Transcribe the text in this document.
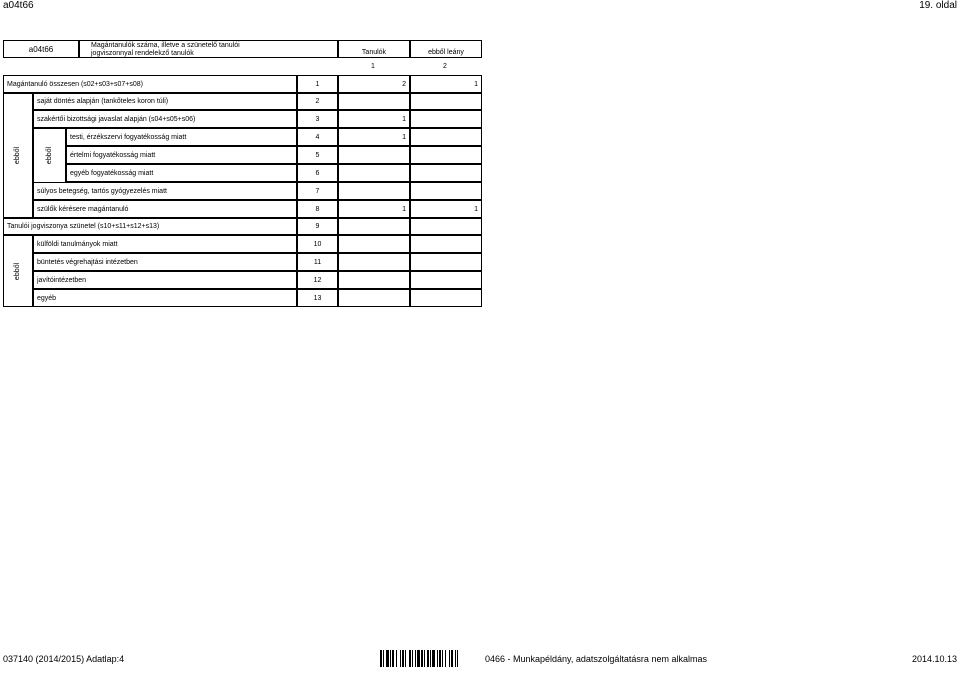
a04t66	19. oldal
a04t66	Magántanulók száma, illetve a szünetelő tanulói
jogviszonnyal rendelekző tanulók	Tanulók	ebből leány
1	2
ebből	ebből
ebből
Magántanuló összesen (s02+s03+s07+s08)	1	2	1
saját döntés alapján (tankőteles koron túli)	2
szakértői bizottsági javaslat alapján (s04+s05+s06)	3	1
testi, érzékszervi fogyatékosság miatt	4	1
értelmi fogyatékosság miatt	5
egyéb fogyatékosság miatt	6
súlyos betegség, tartós gyógyezelés miatt	7
szülők kérésere magántanuló	8	1	1
Tanulói jogviszonya szünetel (s10+s11+s12+s13)	9
külföldi tanulmányok miatt	10
büntetés végrehajtási intézetben	11
javítóintézetben	12
egyéb	13
037140 (2014/2015) Adatlap:4	0466 - Munkapéldány, adatszolgáltatásra nem alkalmas	2014.10.13
